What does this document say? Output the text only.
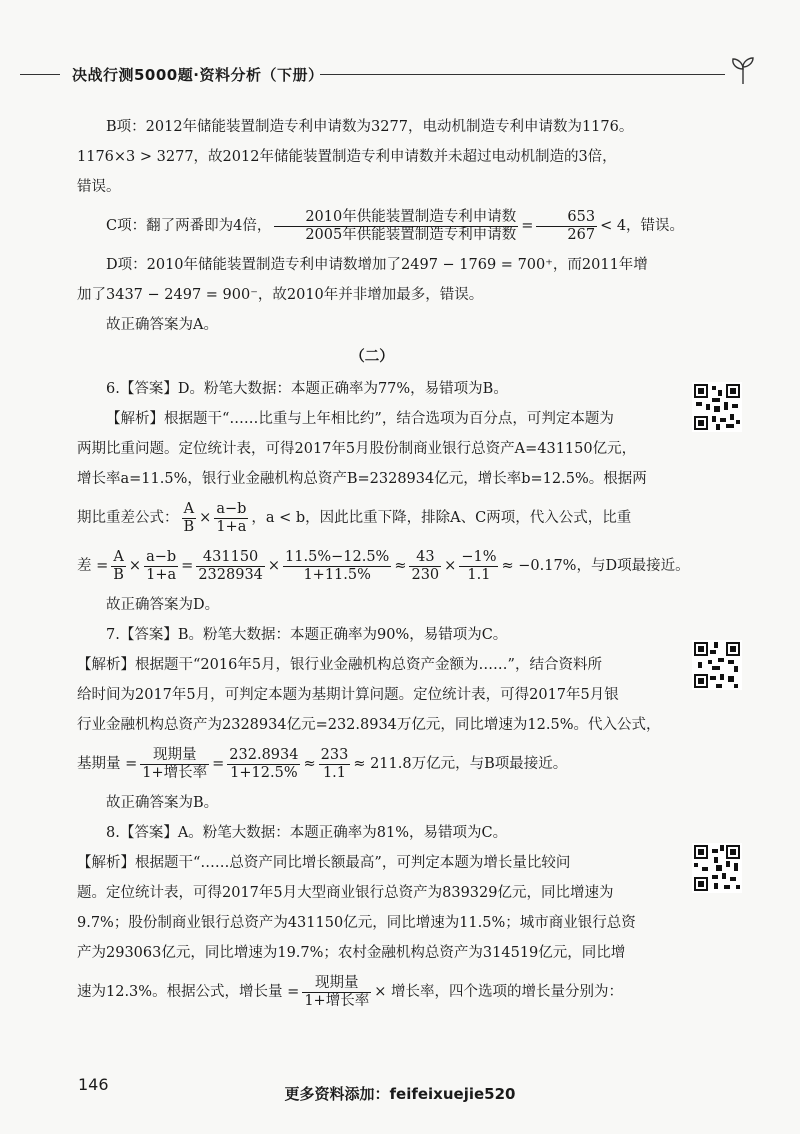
决战行测5000题·资料分析（下册）

B项：2012年储能装置制造专利申请数为3277，电动机制造专利申请数为1176。

1176×3 > 3277，故2012年储能装置制造专利申请数并未超过电动机制造的3倍，

错误。

C项：翻了两番即为4倍， $\frac{\text{2010年供能装置制造专利申请数}}{\text{2005年供能装置制造专利申请数}} = \frac{653}{267} < 4$，错误。

D项：2010年储能装置制造专利申请数增加了2497 − 1769 = 700⁺，而2011年增

加了3437 − 2497 = 900⁻，故2010年并非增加最多，错误。

故正确答案为A。

（二）

6.【答案】D。粉笔大数据：本题正确率为77%，易错项为B。

【解析】根据题干“……比重与上年相比约”，结合选项为百分点，可判定本题为

两期比重问题。定位统计表，可得2017年5月股份制商业银行总资产A=431150亿元，

增长率a=11.5%，银行业金融机构总资产B=2328934亿元，增长率b=12.5%。根据两

期比重差公式： $\frac{A}{B} \times \frac{a-b}{1+a}$ ，a < b，因此比重下降，排除A、C两项，代入公式，比重

差 = $\frac{A}{B} \times \frac{a-b}{1+a} = \frac{431150}{2328934} \times \frac{11.5\%-12.5\%}{1+11.5\%} \approx \frac{43}{230} \times \frac{-1\%}{1.1} \approx -0.17\%$，与D项最接近。

故正确答案为D。

7.【答案】B。粉笔大数据：本题正确率为90%，易错项为C。

【解析】根据题干“2016年5月，银行业金融机构总资产金额为……”，结合资料所

给时间为2017年5月，可判定本题为基期计算问题。定位统计表，可得2017年5月银

行业金融机构总资产为2328934亿元=232.8934万亿元，同比增速为12.5%。代入公式，

基期量 = $\frac{\text{现期量}}{\text{1+增长率}} = \frac{232.8934}{1+12.5\%} \approx \frac{233}{1.1} \approx 211.8$万亿元，与B项最接近。

故正确答案为B。

8.【答案】A。粉笔大数据：本题正确率为81%，易错项为C。

【解析】根据题干“……总资产同比增长额最高”，可判定本题为增长量比较问

题。定位统计表，可得2017年5月大型商业银行总资产为839329亿元，同比增速为

9.7%；股份制商业银行总资产为431150亿元，同比增速为11.5%；城市商业银行总资

产为293063亿元，同比增速为19.7%；农村金融机构总资产为314519亿元，同比增

速为12.3%。根据公式，增长量 = $\frac{\text{现期量}}{\text{1+增长率}}$ × 增长率，四个选项的增长量分别为：

146	更多资料添加：feifeixuejie520
